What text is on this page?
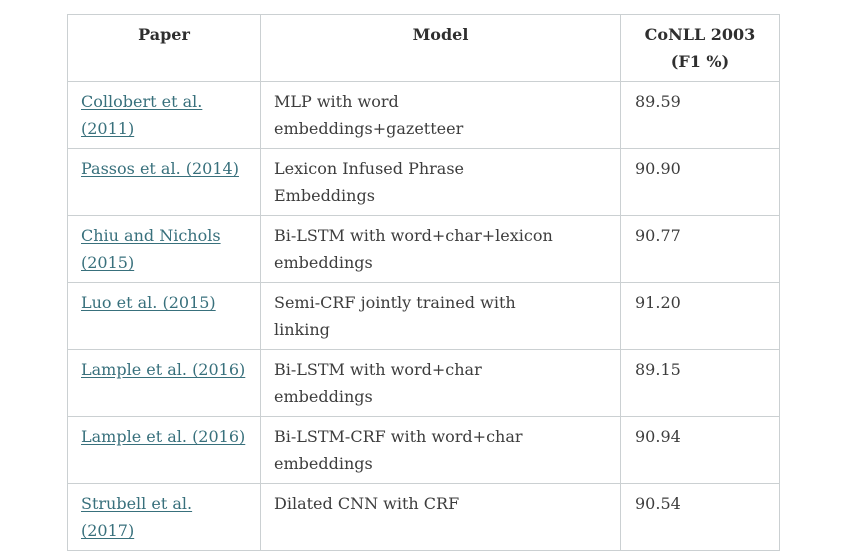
Paper	Model	CoNLL 2003 (F1 %)
Collobert et al. (2011)	MLP with word embeddings+gazetteer	89.59
Passos et al. (2014)	Lexicon Infused Phrase Embeddings	90.90
Chiu and Nichols (2015)	Bi-LSTM with word+char+lexicon embeddings	90.77
Luo et al. (2015)	Semi-CRF jointly trained with linking	91.20
Lample et al. (2016)	Bi-LSTM with word+char embeddings	89.15
Lample et al. (2016)	Bi-LSTM-CRF with word+char embeddings	90.94
Strubell et al. (2017)	Dilated CNN with CRF	90.54
